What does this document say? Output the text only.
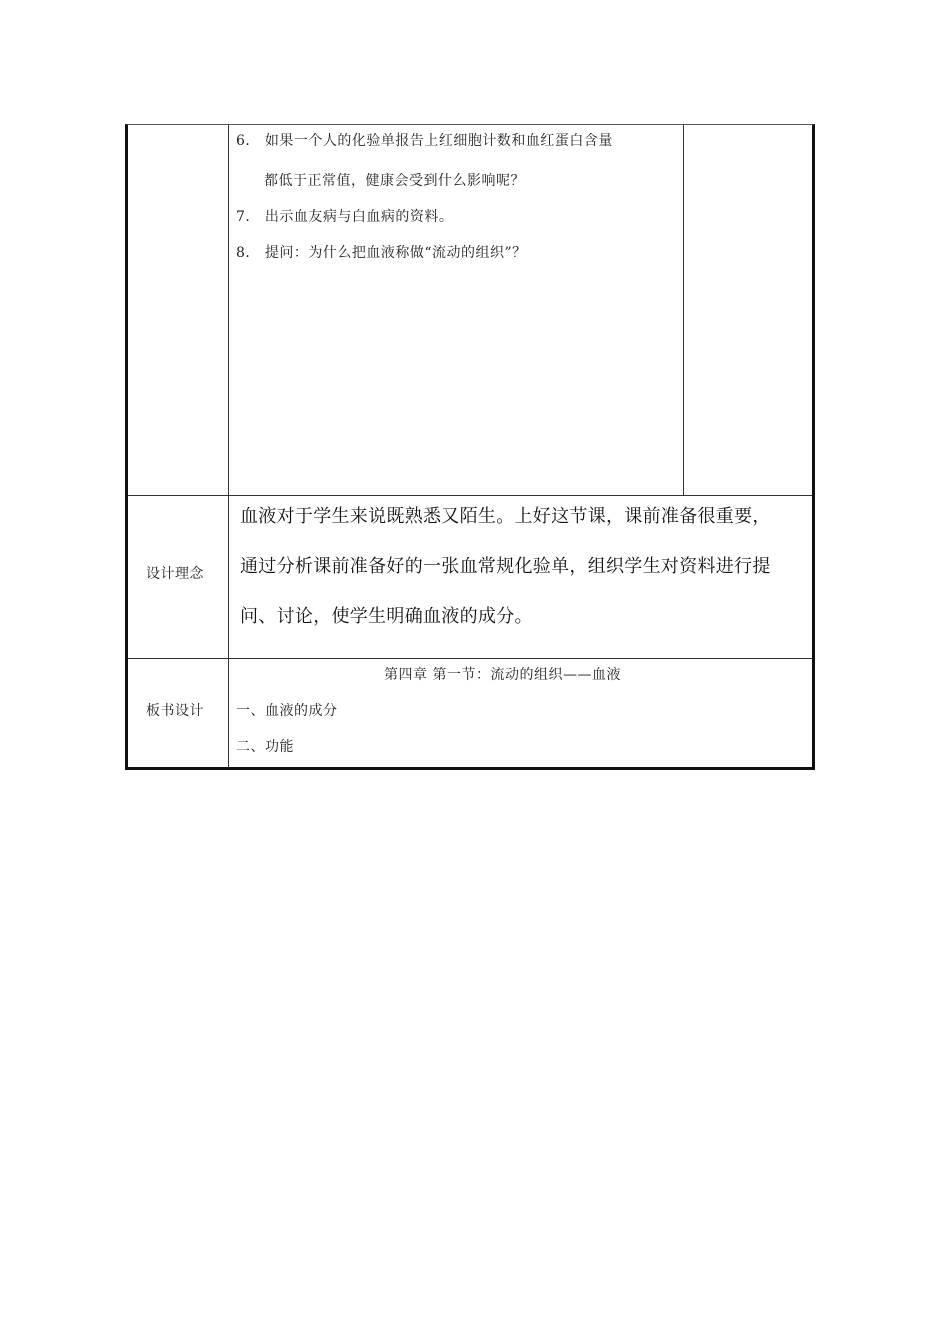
6． 如果一个人的化验单报告上红细胞计数和血红蛋白含量
都低于正常值，健康会受到什么影响呢？
7． 出示血友病与白血病的资料。
8． 提问：为什么把血液称做“流动的组织”？
设计理念
血液对于学生来说既熟悉又陌生。上好这节课，课前准备很重要，
通过分析课前准备好的一张血常规化验单，组织学生对资料进行提
问、讨论，使学生明确血液的成分。
板书设计
第四章 第一节：流动的组织——血液
一、血液的成分
二、功能
